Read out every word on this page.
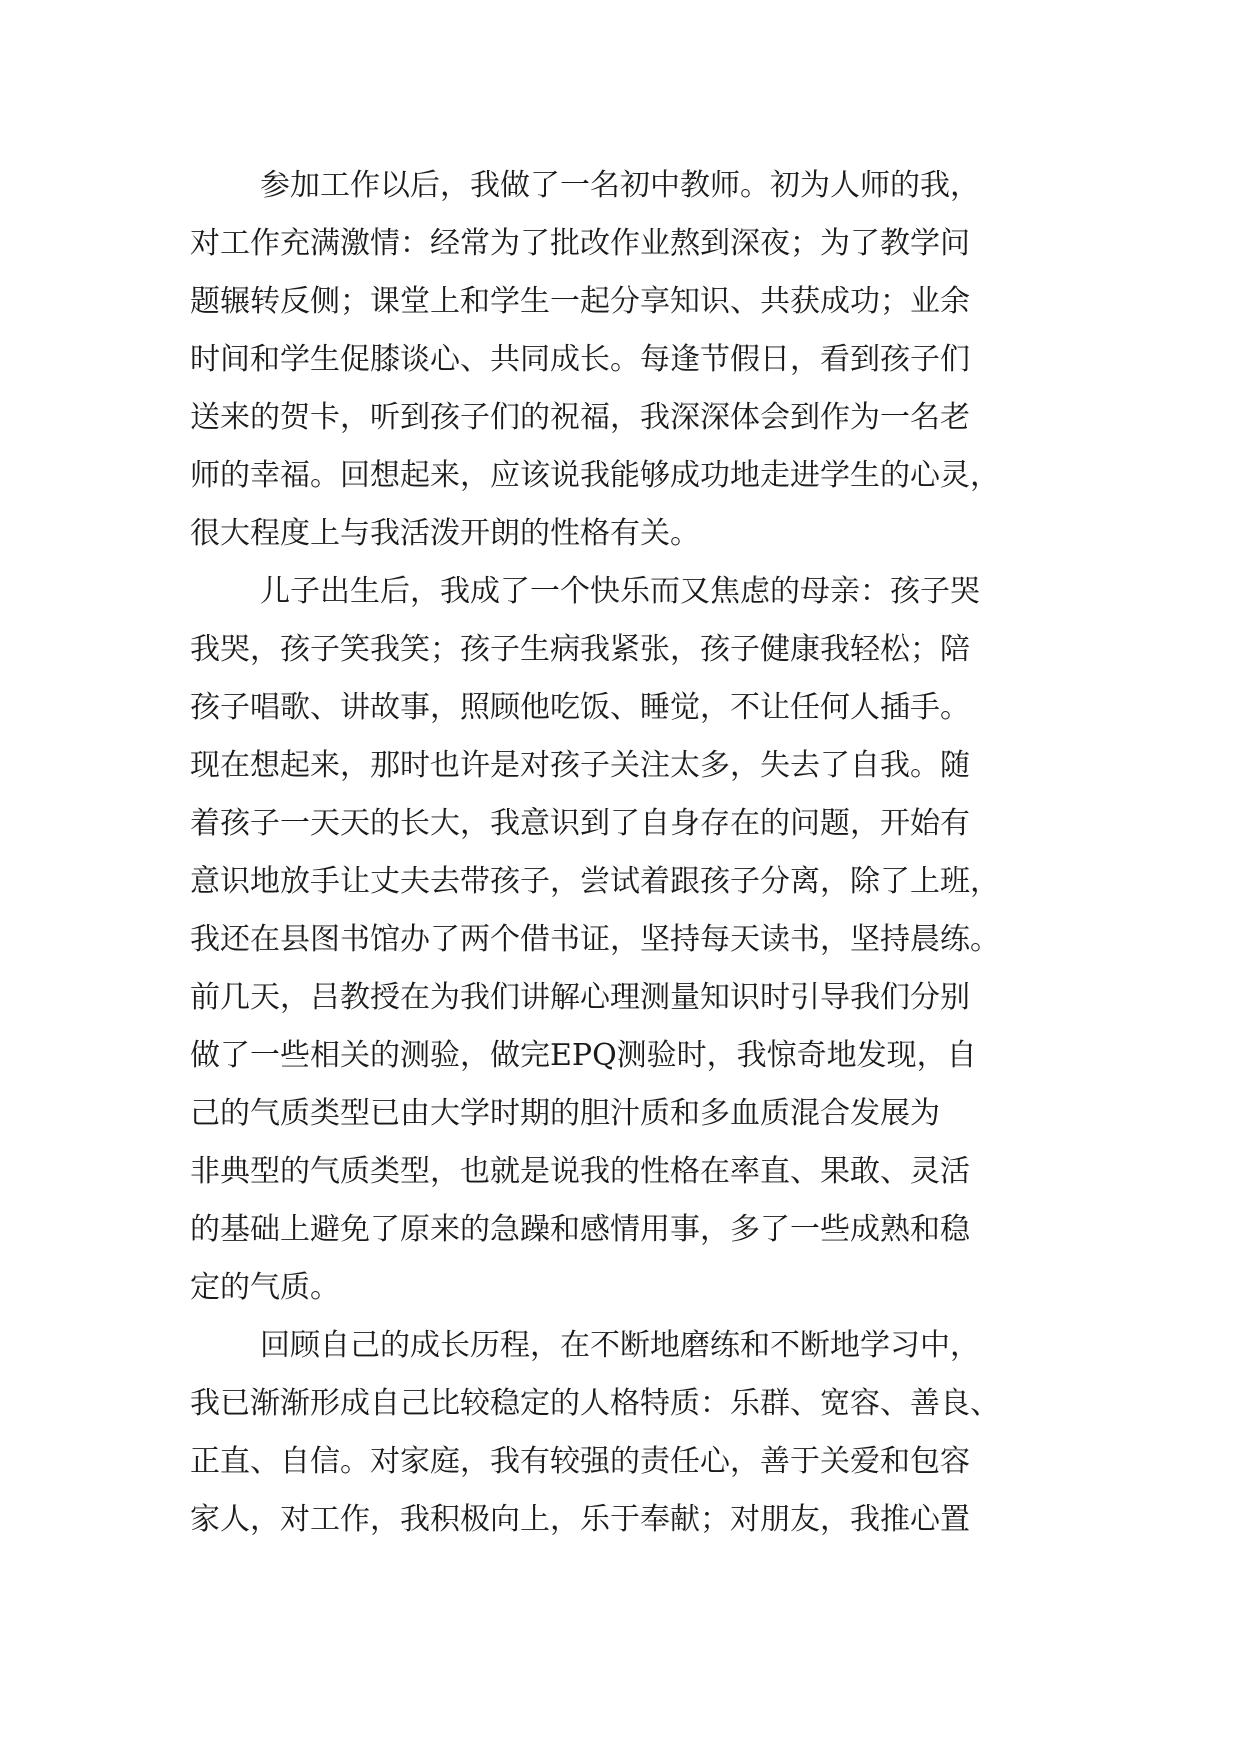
参加工作以后，我做了一名初中教师。初为人师的我，
对工作充满激情：经常为了批改作业熬到深夜；为了教学问
题辗转反侧；课堂上和学生一起分享知识、共获成功；业余
时间和学生促膝谈心、共同成长。每逢节假日，看到孩子们
送来的贺卡，听到孩子们的祝福，我深深体会到作为一名老
师的幸福。回想起来，应该说我能够成功地走进学生的心灵，
很大程度上与我活泼开朗的性格有关。
儿子出生后，我成了一个快乐而又焦虑的母亲：孩子哭
我哭，孩子笑我笑；孩子生病我紧张，孩子健康我轻松；陪
孩子唱歌、讲故事，照顾他吃饭、睡觉，不让任何人插手。
现在想起来，那时也许是对孩子关注太多，失去了自我。随
着孩子一天天的长大，我意识到了自身存在的问题，开始有
意识地放手让丈夫去带孩子，尝试着跟孩子分离，除了上班，
我还在县图书馆办了两个借书证，坚持每天读书，坚持晨练。
前几天，吕教授在为我们讲解心理测量知识时引导我们分别
做了一些相关的测验，做完EPQ测验时，我惊奇地发现，自
己的气质类型已由大学时期的胆汁质和多血质混合发展为
非典型的气质类型，也就是说我的性格在率直、果敢、灵活
的基础上避免了原来的急躁和感情用事，多了一些成熟和稳
定的气质。
回顾自己的成长历程，在不断地磨练和不断地学习中，
我已渐渐形成自己比较稳定的人格特质：乐群、宽容、善良、
正直、自信。对家庭，我有较强的责任心，善于关爱和包容
家人，对工作，我积极向上，乐于奉献；对朋友，我推心置
